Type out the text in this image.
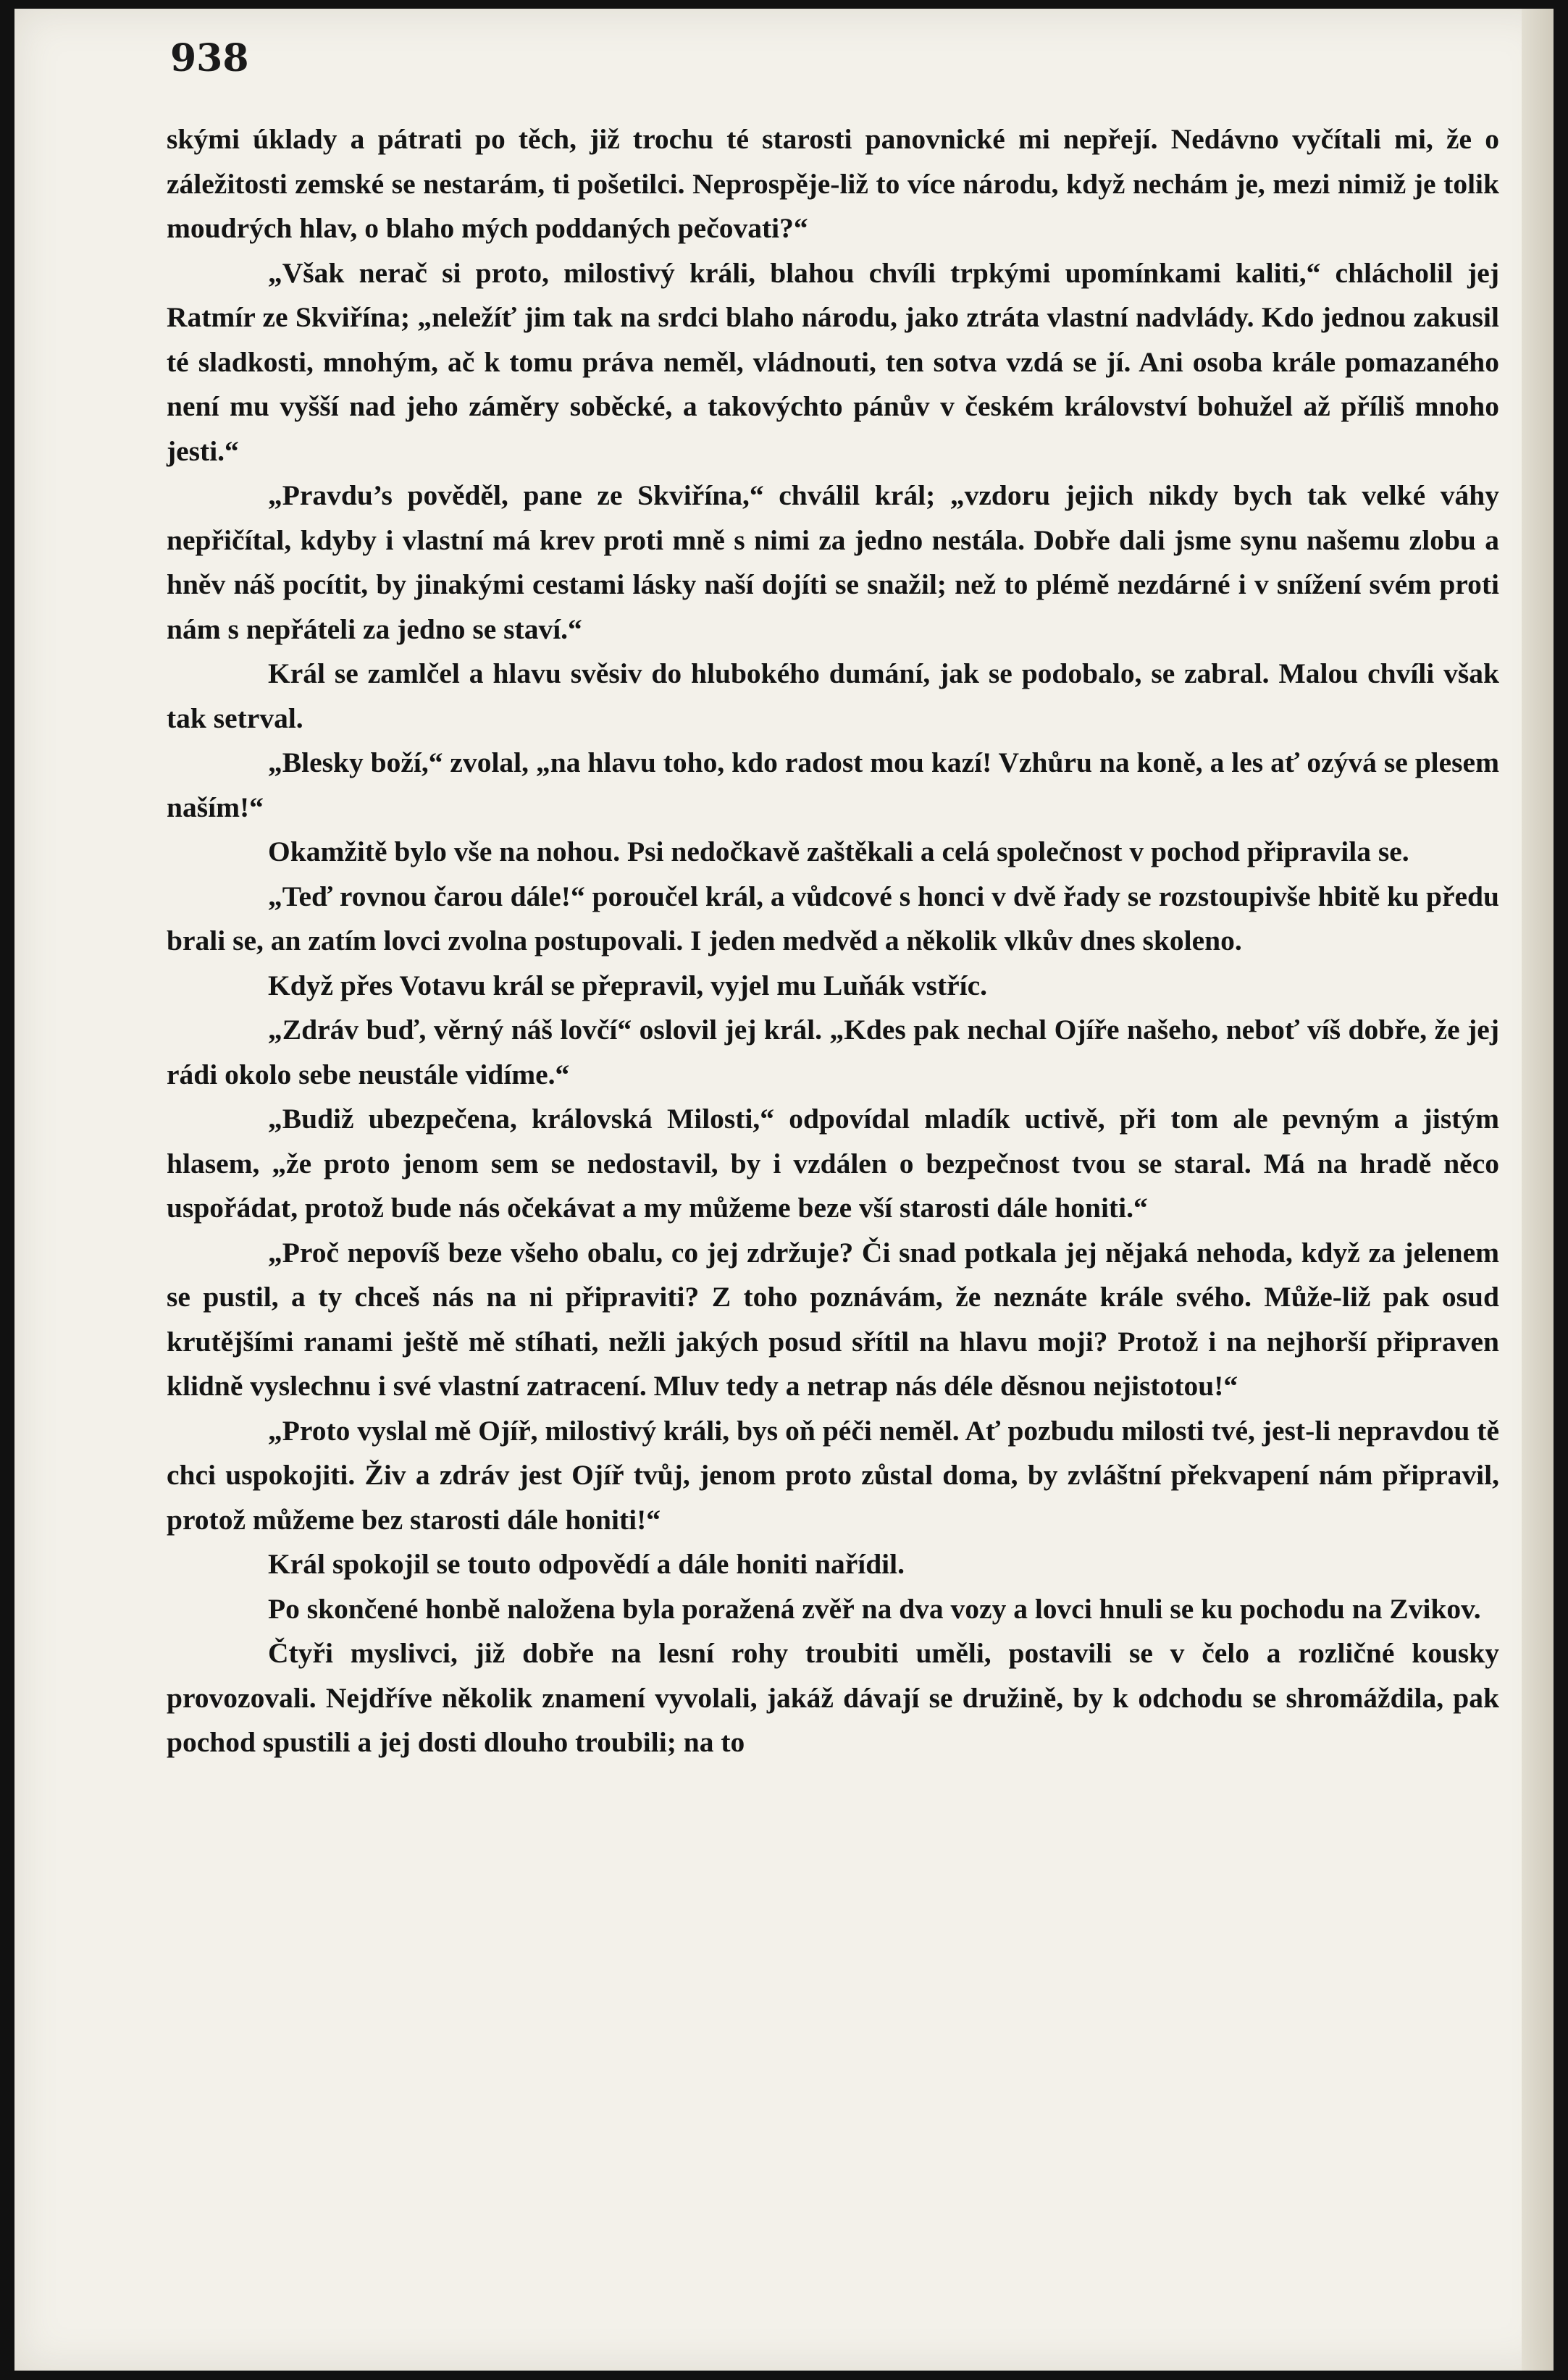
938

skými úklady a pátrati po těch, již trochu té starosti panovnické mi nepřejí. Nedávno vyčítali mi, že o záležitosti zemské se nestarám, ti pošetilci. Neprospěje-liž to více národu, když nechám je, mezi nimiž je tolik moudrých hlav, o blaho mých poddaných pečovati?“

„Však nerač si proto, milostivý králi, blahou chvíli trpkými upomínkami kaliti,“ chlácholil jej Ratmír ze Skviřína; „neležíť jim tak na srdci blaho národu, jako ztráta vlastní nadvlády. Kdo jednou zakusil té sladkosti, mnohým, ač k tomu práva neměl, vládnouti, ten sotva vzdá se jí. Ani osoba krále pomazaného není mu vyšší nad jeho záměry soběcké, a takovýchto pánův v českém království bohužel až příliš mnoho jesti.“

„Pravdu’s pověděl, pane ze Skviřína,“ chválil král; „vzdoru jejich nikdy bych tak velké váhy nepřičítal, kdyby i vlastní má krev proti mně s nimi za jedno nestála. Dobře dali jsme synu našemu zlobu a hněv náš pocítit, by jinakými cestami lásky naší dojíti se snažil; než to plémě nezdárné i v snížení svém proti nám s nepřáteli za jedno se staví.“

Král se zamlčel a hlavu svěsiv do hlubokého dumání, jak se podobalo, se zabral. Malou chvíli však tak setrval.

„Blesky boží,“ zvolal, „na hlavu toho, kdo radost mou kazí! Vzhůru na koně, a les ať ozývá se plesem naším!“

Okamžitě bylo vše na nohou. Psi nedočkavě zaštěkali a celá společnost v pochod připravila se.

„Teď rovnou čarou dále!“ poroučel král, a vůdcové s honci v dvě řady se rozstoupivše hbitě ku předu brali se, an zatím lovci zvolna postupovali. I jeden medvěd a několik vlkův dnes skoleno.

Když přes Votavu král se přepravil, vyjel mu Luňák vstříc.

„Zdráv buď, věrný náš lovčí“ oslovil jej král. „Kdes pak nechal Ojíře našeho, neboť víš dobře, že jej rádi okolo sebe neustále vidíme.“

„Budiž ubezpečena, královská Milosti,“ odpovídal mladík uctivě, při tom ale pevným a jistým hlasem, „že proto jenom sem se nedostavil, by i vzdálen o bezpečnost tvou se staral. Má na hradě něco uspořádat, protož bude nás očekávat a my můžeme beze vší starosti dále honiti.“

„Proč nepovíš beze všeho obalu, co jej zdržuje? Či snad potkala jej nějaká nehoda, když za jelenem se pustil, a ty chceš nás na ni připraviti? Z toho poznávám, že neznáte krále svého. Může-liž pak osud krutějšími ranami ještě mě stíhati, nežli jakých posud sřítil na hlavu moji? Protož i na nejhorší připraven klidně vyslechnu i své vlastní zatracení. Mluv tedy a netrap nás déle děsnou nejistotou!“

„Proto vyslal mě Ojíř, milostivý králi, bys oň péči neměl. Ať pozbudu milosti tvé, jest-li nepravdou tě chci uspokojiti. Živ a zdráv jest Ojíř tvůj, jenom proto zůstal doma, by zvláštní překvapení nám připravil, protož můžeme bez starosti dále honiti!“

Král spokojil se touto odpovědí a dále honiti nařídil.

Po skončené honbě naložena byla poražená zvěř na dva vozy a lovci hnuli se ku pochodu na Zvikov.

Čtyři myslivci, již dobře na lesní rohy troubiti uměli, postavili se v čelo a rozličné kousky provozovali. Nejdříve několik znamení vyvolali, jakáž dávají se družině, by k odchodu se shromáždila, pak pochod spustili a jej dosti dlouho troubili; na to
